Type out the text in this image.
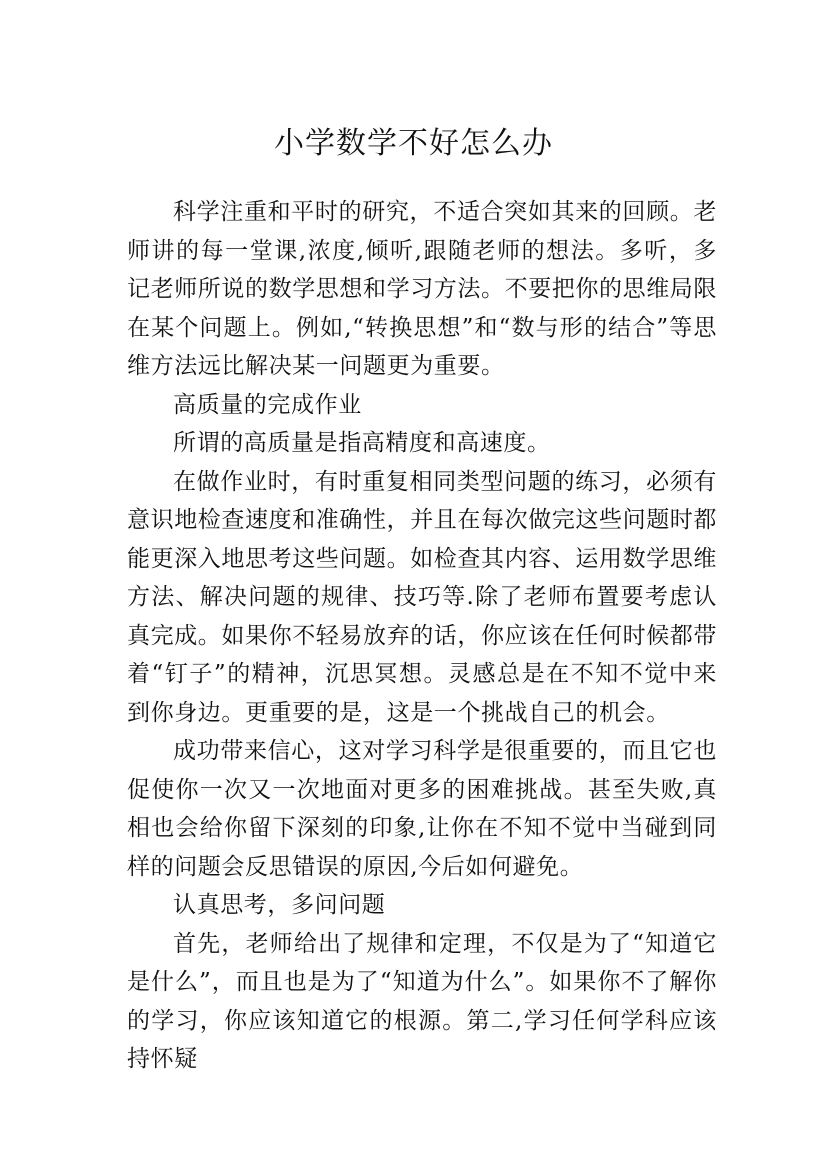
小学数学不好怎么办

科学注重和平时的研究，不适合突如其来的回顾。老师讲的每一堂课,浓度,倾听,跟随老师的想法。多听，多记老师所说的数学思想和学习方法。不要把你的思维局限在某个问题上。例如,“转换思想”和“数与形的结合”等思维方法远比解决某一问题更为重要。

高质量的完成作业

所谓的高质量是指高精度和高速度。

在做作业时，有时重复相同类型问题的练习，必须有意识地检查速度和准确性，并且在每次做完这些问题时都能更深入地思考这些问题。如检查其内容、运用数学思维方法、解决问题的规律、技巧等.除了老师布置要考虑认真完成。如果你不轻易放弃的话，你应该在任何时候都带着“钉子”的精神，沉思冥想。灵感总是在不知不觉中来到你身边。更重要的是，这是一个挑战自己的机会。

成功带来信心，这对学习科学是很重要的，而且它也促使你一次又一次地面对更多的困难挑战。甚至失败,真相也会给你留下深刻的印象,让你在不知不觉中当碰到同样的问题会反思错误的原因,今后如何避免。

认真思考，多问问题

首先，老师给出了规律和定理，不仅是为了“知道它是什么”，而且也是为了“知道为什么”。如果你不了解你的学习，你应该知道它的根源。第二,学习任何学科应该持怀疑
